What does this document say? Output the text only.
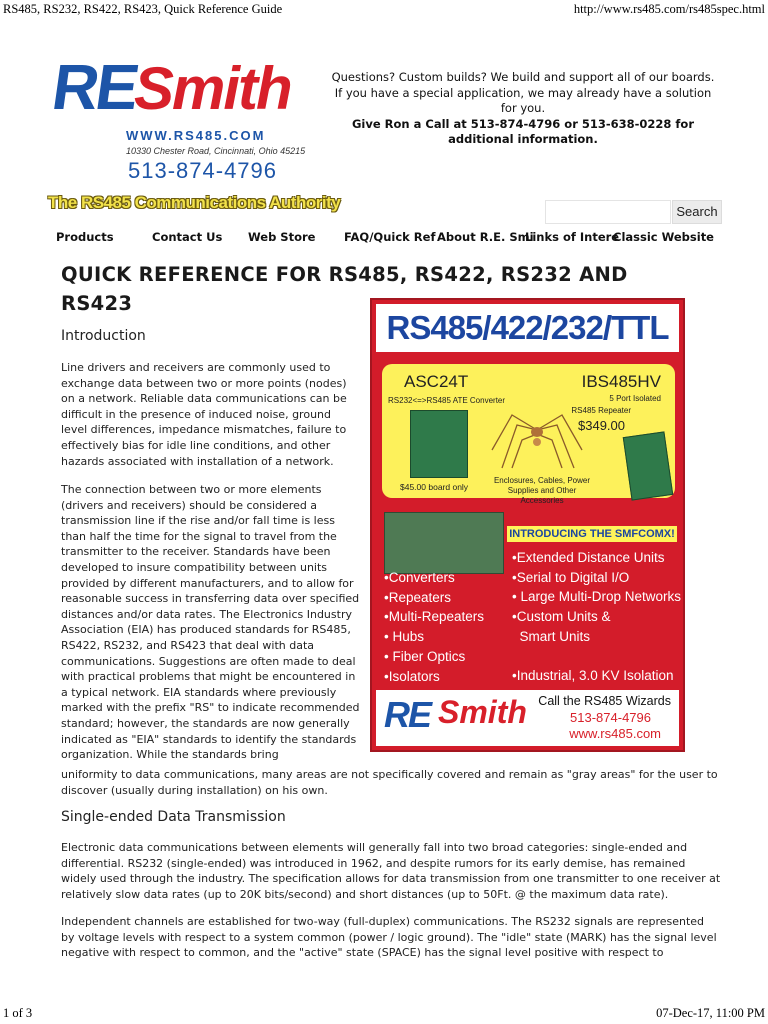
RS485, RS232, RS422, RS423, Quick Reference Guide	http://www.rs485.com/rs485spec.html
RE
Smith
WWW.RS485.COM
10330 Chester Road, Cincinnati, Ohio 45215
513-874-4796
The RS485 Communications Authority
Questions? Custom builds? We build and support all of our boards.
If you have a special application, we may already have a solution for you.
Give Ron a Call at 513-874-4796 or 513-638-0228 for additional information.
Search
Products	Contact Us	Web Store	FAQ/Quick Ref About R.E. Smi
Links of Intere
Classic Website
QUICK REFERENCE FOR RS485, RS422, RS232 AND RS423
Introduction
Line drivers and receivers are commonly used to exchange data between two or more points (nodes) on a network. Reliable data communications can be difficult in the presence of induced noise, ground level differences, impedance mismatches, failure to effectively bias for idle line conditions, and other hazards associated with installation of a network.
The connection between two or more elements (drivers and receivers) should be considered a transmission line if the rise and/or fall time is less than half the time for the signal to travel from the transmitter to the receiver. Standards have been developed to insure compatibility between units provided by different manufacturers, and to allow for reasonable success in transferring data over specified distances and/or data rates. The Electronics Industry Association (EIA) has produced standards for RS485, RS422, RS232, and RS423 that deal with data communications. Suggestions are often made to deal with practical problems that might be encountered in a typical network. EIA standards where previously marked with the prefix "RS" to indicate recommended standard; however, the standards are now generally indicated as "EIA" standards to identify the standards organization. While the standards bring
uniformity to data communications, many areas are not specifically covered and remain as "gray areas" for the user to discover (usually during installation) on his own.
Single-ended Data Transmission
Electronic data communications between elements will generally fall into two broad categories: single-ended and differential. RS232 (single-ended) was introduced in 1962, and despite rumors for its early demise, has remained widely used through the industry. The specification allows for data transmission from one transmitter to one receiver at relatively slow data rates (up to 20K bits/second) and short distances (up to 50Ft. @ the maximum data rate).
Independent channels are established for two-way (full-duplex) communications. The RS232 signals are represented by voltage levels with respect to a system common (power / logic ground). The "idle" state (MARK) has the signal level negative with respect to common, and the "active" state (SPACE) has the signal level positive with respect to
RS485/422/232/TTL
ASC24T	IBS485HV
RS232<=>RS485 ATE Converter	5 Port Isolated
RS485 Repeater
$349.00
$45.00 board only
Enclosures, Cables, Power Supplies and Other Accessories
INTRODUCING THE SMFCOMX!
•Extended Distance Units
•Serial to Digital I/O
• Large Multi-Drop Networks
•Custom Units &
Smart Units
•Industrial, 3.0 KV Isolation
•Converters
•Repeaters
•Multi-Repeaters
• Hubs
• Fiber Optics
•Isolators
RE Smith Call the RS485 Wizards
513-874-4796
www.rs485.com
1 of 3	07-Dec-17, 11:00 PM
